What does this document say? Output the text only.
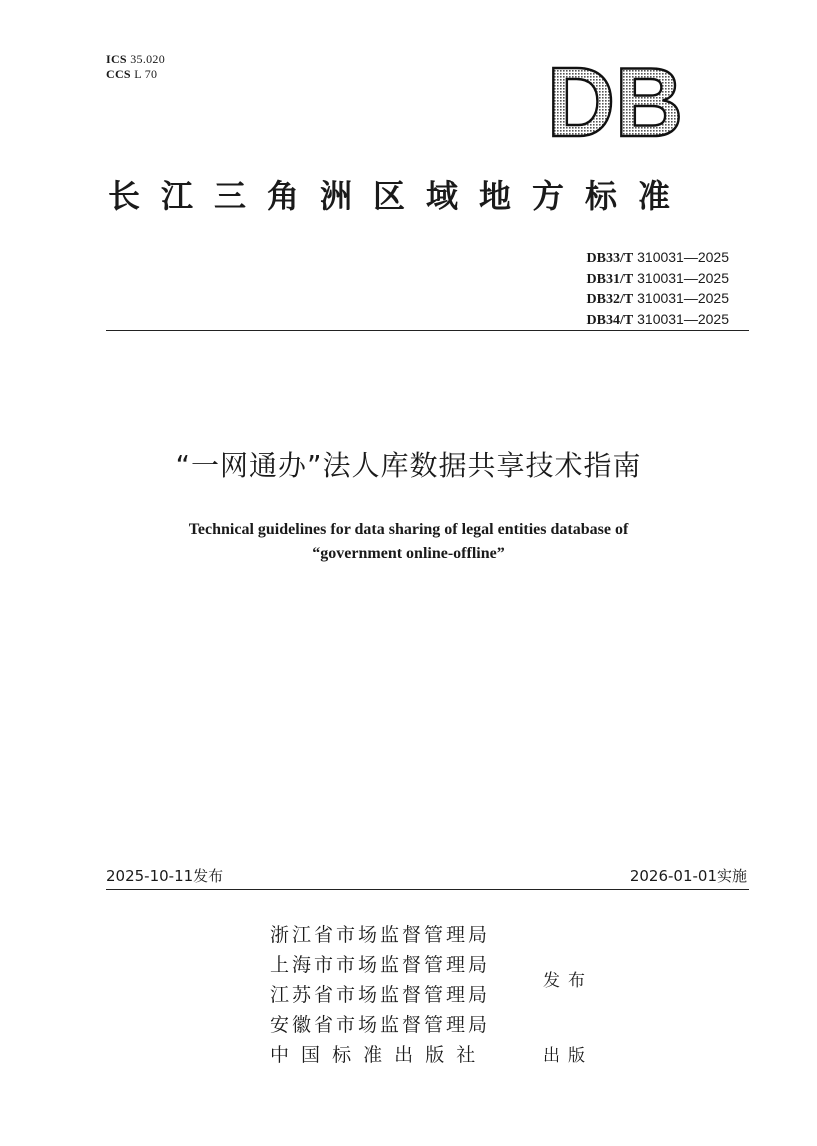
ICS 35.020
CCS L 70	DB
长江三角洲区域地方标准
DB33/T 310031—2025
DB31/T 310031—2025
DB32/T 310031—2025
DB34/T 310031—2025
“一网通办”法人库数据共享技术指南
Technical guidelines for data sharing of legal entities database of
“government online-offline”
2025-10-11发布	2026-01-01实施
浙江省市场监督管理局
上海市市场监督管理局
江苏省市场监督管理局
安徽省市场监督管理局
中 国 标 准 出 版 社
发布
出版
